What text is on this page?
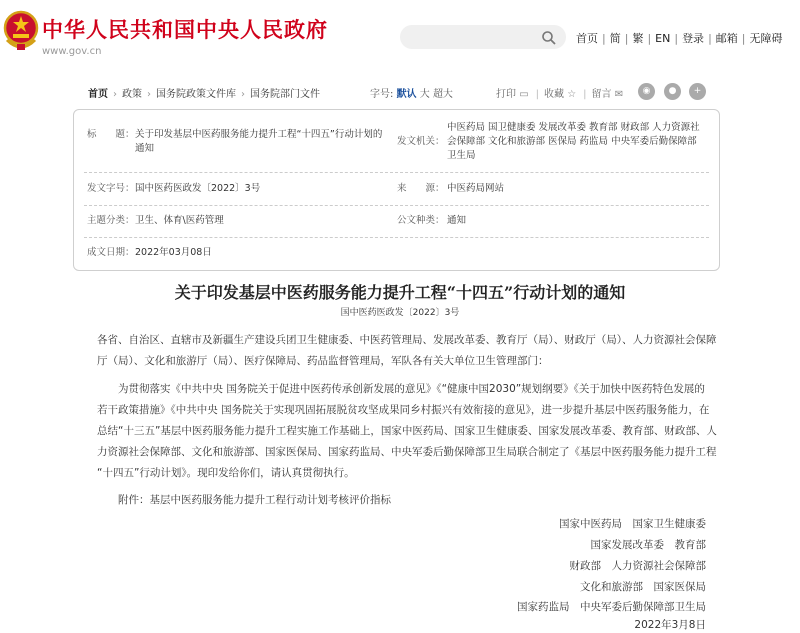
中华人民共和国中央人民政府
www.gov.cn
首页 | 简 | 繁 | EN | 登录 | 邮箱 | 无障碍
首页 › 政策 › 国务院政策文件库 › 国务院部门文件	字号: 默认 大 超大	打印 ▭ | 收藏 ☆ | 留言 ✉	◉	●	+
标　　题： 关于印发基层中医药服务能力提升工程“十四五”行动计划的
通知
发文机关：
中医药局 国卫健康委 发展改革委 教育部 财政部 人力资源社
会保障部 文化和旅游部 医保局 药监局 中央军委后勤保障部
卫生局
发文字号： 国中医药医政发〔2022〕3号	来　　源： 中医药局网站
主题分类： 卫生、体育\医药管理	公文种类： 通知
成文日期： 2022年03月08日
关于印发基层中医药服务能力提升工程“十四五”行动计划的通知
国中医药医政发〔2022〕3号
各省、自治区、直辖市及新疆生产建设兵团卫生健康委、中医药管理局、发展改革委、教育厅（局）、财政厅（局）、人力资源社会保障
厅（局）、文化和旅游厅（局）、医疗保障局、药品监督管理局，军队各有关大单位卫生管理部门：
为贯彻落实《中共中央 国务院关于促进中医药传承创新发展的意见》《“健康中国2030”规划纲要》《关于加快中医药特色发展的
若干政策措施》《中共中央 国务院关于实现巩固拓展脱贫攻坚成果同乡村振兴有效衔接的意见》，进一步提升基层中医药服务能力，在
总结“十三五”基层中医药服务能力提升工程实施工作基础上，国家中医药局、国家卫生健康委、国家发展改革委、教育部、财政部、人
力资源社会保障部、文化和旅游部、国家医保局、国家药监局、中央军委后勤保障部卫生局联合制定了《基层中医药服务能力提升工程
“十四五”行动计划》。现印发给你们，请认真贯彻执行。
附件：基层中医药服务能力提升工程行动计划考核评价指标
国家中医药局　国家卫生健康委
国家发展改革委　教育部
财政部　人力资源社会保障部
文化和旅游部　国家医保局
国家药监局　中央军委后勤保障部卫生局
2022年3月8日
